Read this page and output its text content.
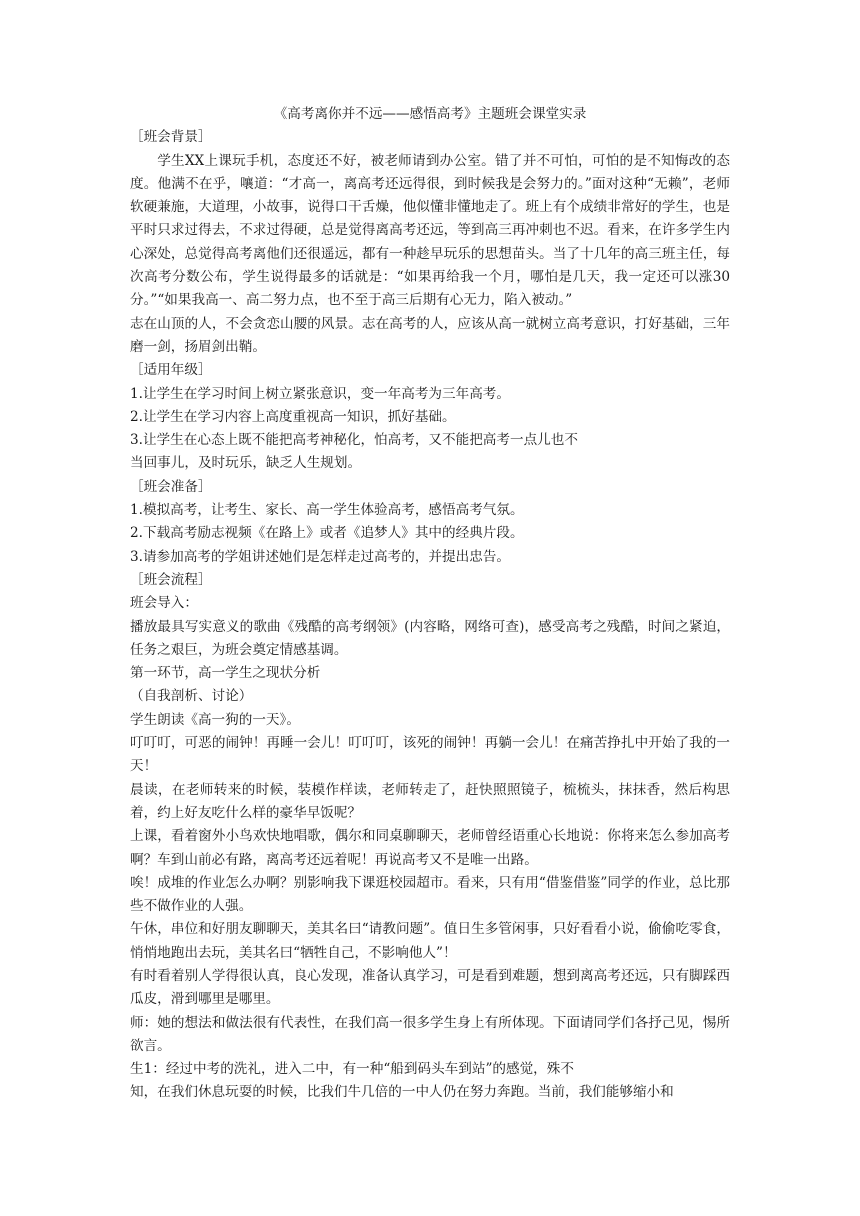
《高考离你并不远——感悟高考》主题班会课堂实录

［班会背景］

学生XX上课玩手机，态度还不好，被老师请到办公室。错了并不可怕，可怕的是不知悔改的态度。他满不在乎，嚷道：“才高一，离高考还远得很，到时候我是会努力的。”面对这种“无赖”，老师软硬兼施，大道理，小故事，说得口干舌燥，他似懂非懂地走了。班上有个成绩非常好的学生，也是平时只求过得去，不求过得硬，总是觉得离高考还远，等到高三再冲刺也不迟。看来，在许多学生内心深处，总觉得高考离他们还很遥远，都有一种趁早玩乐的思想苗头。当了十几年的高三班主任，每次高考分数公布，学生说得最多的话就是：“如果再给我一个月，哪怕是几天，我一定还可以涨30分。”“如果我高一、高二努力点，也不至于高三后期有心无力，陷入被动。”

志在山顶的人，不会贪恋山腰的风景。志在高考的人，应该从高一就树立高考意识，打好基础，三年磨一剑，扬眉剑出鞘。

［适用年级］

1.让学生在学习时间上树立紧张意识，变一年高考为三年高考。

2.让学生在学习内容上高度重视高一知识，抓好基础。

3.让学生在心态上既不能把高考神秘化，怕高考，又不能把高考一点儿也不

当回事儿，及时玩乐，缺乏人生规划。

［班会准备］

1.模拟高考，让考生、家长、高一学生体验高考，感悟高考气氛。

2.下载高考励志视频《在路上》或者《追梦人》其中的经典片段。

3.请参加高考的学姐讲述她们是怎样走过高考的，并提出忠告。

［班会流程］

班会导入：

播放最具写实意义的歌曲《残酷的高考纲领》(内容略，网络可查)，感受高考之残酷，时间之紧迫，任务之艰巨，为班会奠定情感基调。

第一环节，高一学生之现状分析

（自我剖析、讨论）

学生朗读《高一狗的一天》。

叮叮叮，可恶的闹钟！再睡一会儿！叮叮叮，该死的闹钟！再躺一会儿！在痛苦挣扎中开始了我的一天！

晨读，在老师转来的时候，装模作样读，老师转走了，赶快照照镜子，梳梳头，抹抹香，然后构思着，约上好友吃什么样的豪华早饭呢？

上课，看着窗外小鸟欢快地唱歌，偶尔和同桌聊聊天，老师曾经语重心长地说：你将来怎么参加高考啊？车到山前必有路，离高考还远着呢！再说高考又不是唯一出路。

唉！成堆的作业怎么办啊？别影响我下课逛校园超市。看来，只有用“借鉴借鉴”同学的作业，总比那些不做作业的人强。

午休，串位和好朋友聊聊天，美其名曰“请教问题”。值日生多管闲事，只好看看小说，偷偷吃零食，悄悄地跑出去玩，美其名曰“牺牲自己，不影响他人”！

有时看着别人学得很认真，良心发现，准备认真学习，可是看到难题，想到离高考还远，只有脚踩西瓜皮，滑到哪里是哪里。

师：她的想法和做法很有代表性，在我们高一很多学生身上有所体现。下面请同学们各抒己见，惕所欲言。

生1：经过中考的洗礼，进入二中，有一种“船到码头车到站”的感觉，殊不

知，在我们休息玩耍的时候，比我们牛几倍的一中人仍在努力奔跑。当前，我们能够缩小和
